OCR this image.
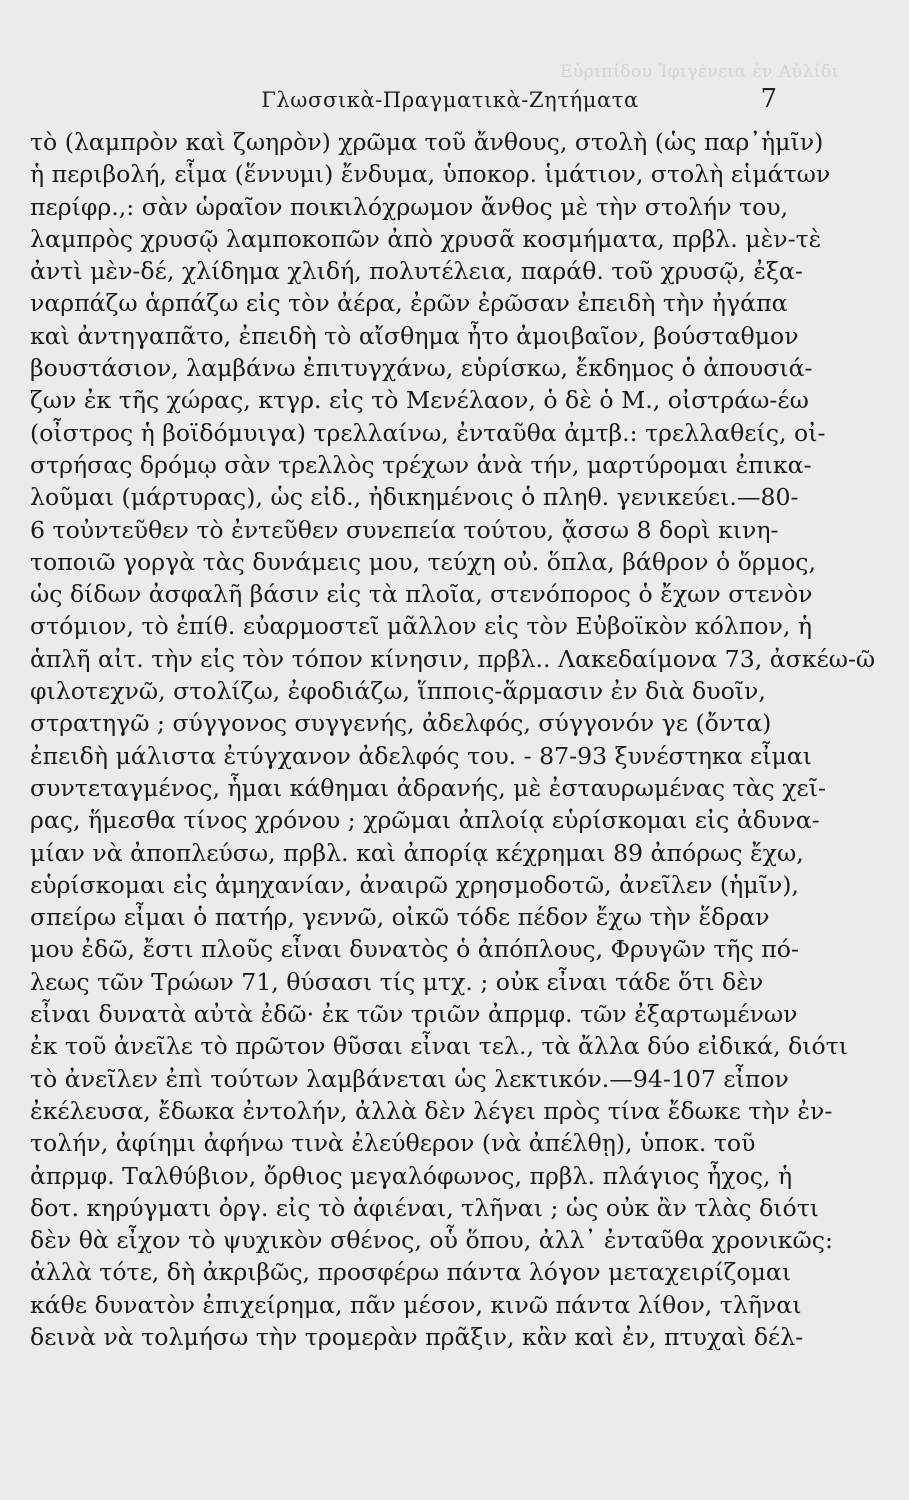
Εὐριπίδου Ἰφιγένεια ἐν Αὐλίδι
Γλωσσικὰ-Πραγματικὰ-Ζητήματα	7

τὸ (λαμπρὸν καὶ ζωηρὸν) χρῶμα τοῦ ἄνθους, στολὴ (ὡς παρ᾽ἡμῖν)

ἡ περιβολή, εἷμα (ἕννυμι) ἔνδυμα, ὑποκορ. ἱμάτιον, στολὴ εἱμάτων

περίφρ.,: σὰν ὡραῖον ποικιλόχρωμον ἄνθος μὲ τὴν στολήν του,

λαμπρὸς χρυσῷ λαμποκοπῶν ἀπὸ χρυσᾶ κοσμήματα, πρβλ. μὲν-τὲ

ἀντὶ μὲν-δέ, χλίδημα χλιδή, πολυτέλεια, παράθ. τοῦ χρυσῷ, ἐξα-

ναρπάζω ἁρπάζω εἰς τὸν ἀέρα, ἐρῶν ἐρῶσαν ἐπειδὴ τὴν ἠγάπα

καὶ ἀντηγαπᾶτο, ἐπειδὴ τὸ αἴσθημα ἦτο ἀμοιβαῖον, βούσταθμον

βουστάσιον, λαμβάνω ἐπιτυγχάνω, εὑρίσκω, ἔκδημος ὁ ἀπουσιά-

ζων ἐκ τῆς χώρας, κτγρ. εἰς τὸ Μενέλαον, ὁ δὲ ὁ Μ., οἰστράω-έω

(οἶστρος ἡ βοϊδόμυιγα) τρελλαίνω, ἐνταῦθα ἀμτβ.: τρελλαθείς, οἰ-

στρήσας δρόμῳ σὰν τρελλὸς τρέχων ἀνὰ τήν, μαρτύρομαι ἐπικα-

λοῦμαι (μάρτυρας), ὡς εἰδ., ἠδικημένοις ὁ πληθ. γενικεύει.—80-

6 τοὐντεῦθεν τὸ ἐντεῦθεν συνεπεία τούτου, ᾄσσω 8 δορὶ κινη-

τοποιῶ γοργὰ τὰς δυνάμεις μου, τεύχη οὐ. ὅπλα, βάθρον ὁ ὅρμος,

ὡς δίδων ἀσφαλῆ βάσιν εἰς τὰ πλοῖα, στενόπορος ὁ ἔχων στενὸν

στόμιον, τὸ ἐπίθ. εὐαρμοστεῖ μᾶλλον εἰς τὸν Εὐβοϊκὸν κόλπον, ἡ

ἁπλῆ αἰτ. τὴν εἰς τὸν τόπον κίνησιν, πρβλ.. Λακεδαίμονα 73, ἀσκέω-ῶ

φιλοτεχνῶ, στολίζω, ἐφοδιάζω, ἵπποις-ἅρμασιν ἐν διὰ δυοῖν,

στρατηγῶ ; σύγγονος συγγενής, ἀδελφός, σύγγονόν γε (ὄντα)

ἐπειδὴ μάλιστα ἐτύγχανον ἀδελφός του. - 87-93 ξυνέστηκα εἶμαι

συντεταγμένος, ἧμαι κάθημαι ἀδρανής, μὲ ἐσταυρωμένας τὰς χεῖ-

ρας, ἥμεσθα τίνος χρόνου ; χρῶμαι ἀπλοίᾳ εὑρίσκομαι εἰς ἀδυνα-

μίαν νὰ ἀποπλεύσω, πρβλ. καὶ ἀπορίᾳ κέχρημαι 89 ἀπόρως ἔχω,

εὑρίσκομαι εἰς ἀμηχανίαν, ἀναιρῶ χρησμοδοτῶ, ἀνεῖλεν (ἡμῖν),

σπείρω εἶμαι ὁ πατήρ, γεννῶ, οἰκῶ τόδε πέδον ἔχω τὴν ἕδραν

μου ἐδῶ, ἔστι πλοῦς εἶναι δυνατὸς ὁ ἀπόπλους, Φρυγῶν τῆς πό-

λεως τῶν Τρώων 71, θύσασι τίς μτχ. ; οὐκ εἶναι τάδε ὅτι δὲν

εἶναι δυνατὰ αὐτὰ ἐδῶ· ἐκ τῶν τριῶν ἀπρμφ. τῶν ἐξαρτωμένων

ἐκ τοῦ ἀνεῖλε τὸ πρῶτον θῦσαι εἶναι τελ., τὰ ἄλλα δύο εἰδικά, διότι

τὸ ἀνεῖλεν ἐπὶ τούτων λαμβάνεται ὡς λεκτικόν.—94-107 εἶπον

ἐκέλευσα, ἔδωκα ἐντολήν, ἀλλὰ δὲν λέγει πρὸς τίνα ἔδωκε τὴν ἐν-

τολήν, ἀφίημι ἀφήνω τινὰ ἐλεύθερον (νὰ ἀπέλθῃ), ὑποκ. τοῦ

ἀπρμφ. Ταλθύβιον, ὄρθιος μεγαλόφωνος, πρβλ. πλάγιος ἦχος, ἡ

δοτ. κηρύγματι ὀργ. εἰς τὸ ἀφιέναι, τλῆναι ; ὡς οὐκ ἂν τλὰς διότι

δὲν θὰ εἶχον τὸ ψυχικὸν σθένος, οὗ ὅπου, ἀλλ᾽ ἐνταῦθα χρονικῶς:

ἀλλὰ τότε, δὴ ἀκριβῶς, προσφέρω πάντα λόγον μεταχειρίζομαι

κάθε δυνατὸν ἐπιχείρημα, πᾶν μέσον, κινῶ πάντα λίθον, τλῆναι

δεινὰ νὰ τολμήσω τὴν τρομερὰν πρᾶξιν, κἂν καὶ ἐν, πτυχαὶ δέλ-
